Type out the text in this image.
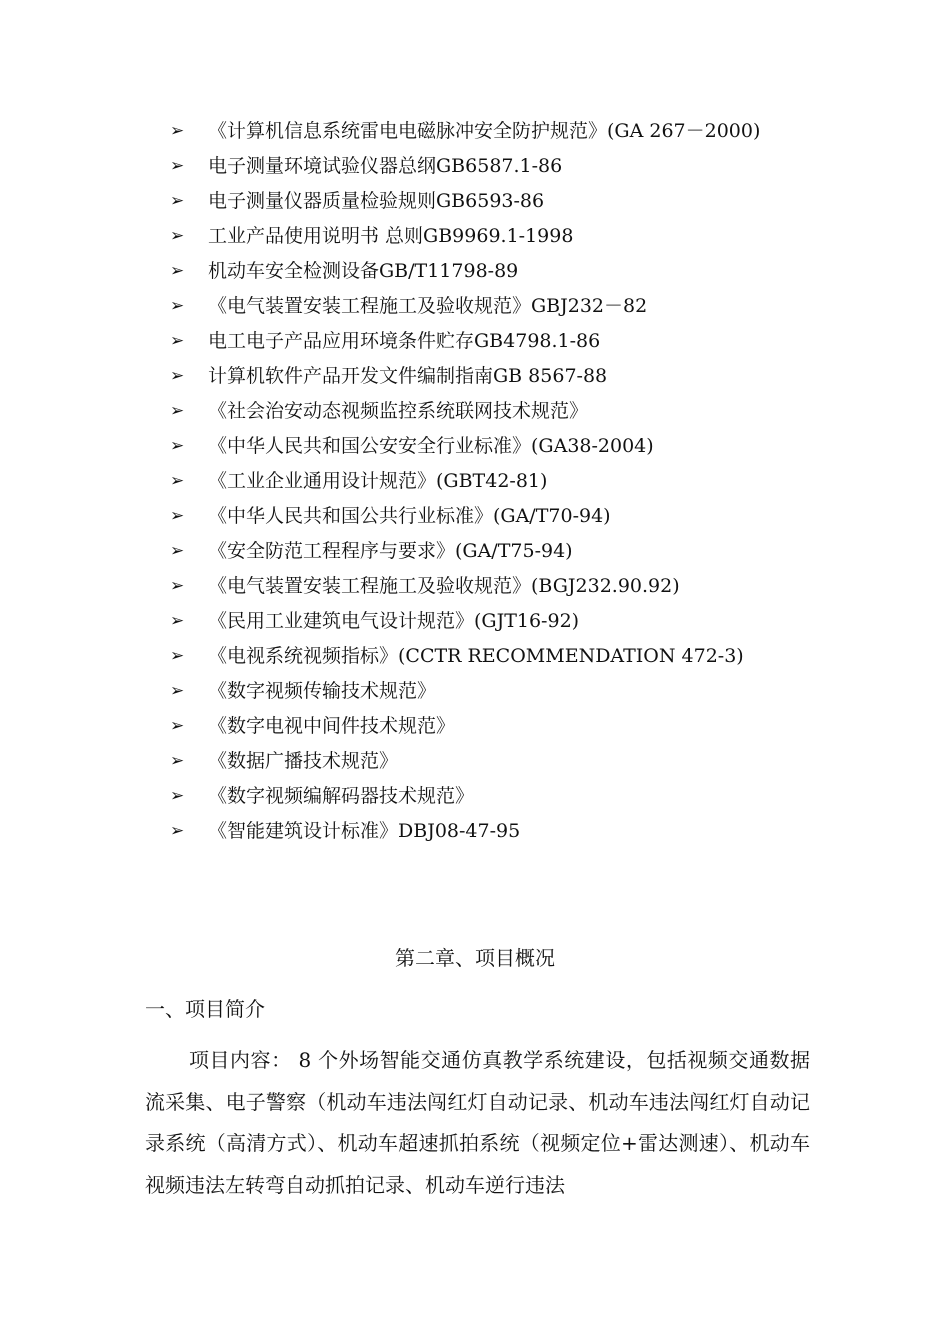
➢	《计算机信息系统雷电电磁脉冲安全防护规范》(GA 267－2000)
➢	电子测量环境试验仪器总纲GB6587.1-86
➢	电子测量仪器质量检验规则GB6593-86
➢	工业产品使用说明书 总则GB9969.1-1998
➢	机动车安全检测设备GB/T11798-89
➢	《电气装置安装工程施工及验收规范》GBJ232－82
➢	电工电子产品应用环境条件贮存GB4798.1-86
➢	计算机软件产品开发文件编制指南GB 8567-88
➢	《社会治安动态视频监控系统联网技术规范》
➢	《中华人民共和国公安安全行业标准》(GA38-2004)
➢	《工业企业通用设计规范》(GBT42-81)
➢	《中华人民共和国公共行业标准》(GA/T70-94)
➢	《安全防范工程程序与要求》(GA/T75-94)
➢	《电气装置安装工程施工及验收规范》(BGJ232.90.92)
➢	《民用工业建筑电气设计规范》(GJT16-92)
➢	《电视系统视频指标》(CCTR RECOMMENDATION 472-3)
➢	《数字视频传输技术规范》
➢	《数字电视中间件技术规范》
➢	《数据广播技术规范》
➢	《数字视频编解码器技术规范》
➢	《智能建筑设计标准》DBJ08-47-95
第二章、项目概况
一、项目简介

项目内容： 8 个外场智能交通仿真教学系统建设，包括视频交通数据流采集、电子警察（机动车违法闯红灯自动记录、机动车违法闯红灯自动记录系统（高清方式）、机动车超速抓拍系统（视频定位+雷达测速）、机动车视频违法左转弯自动抓拍记录、机动车逆行违法
